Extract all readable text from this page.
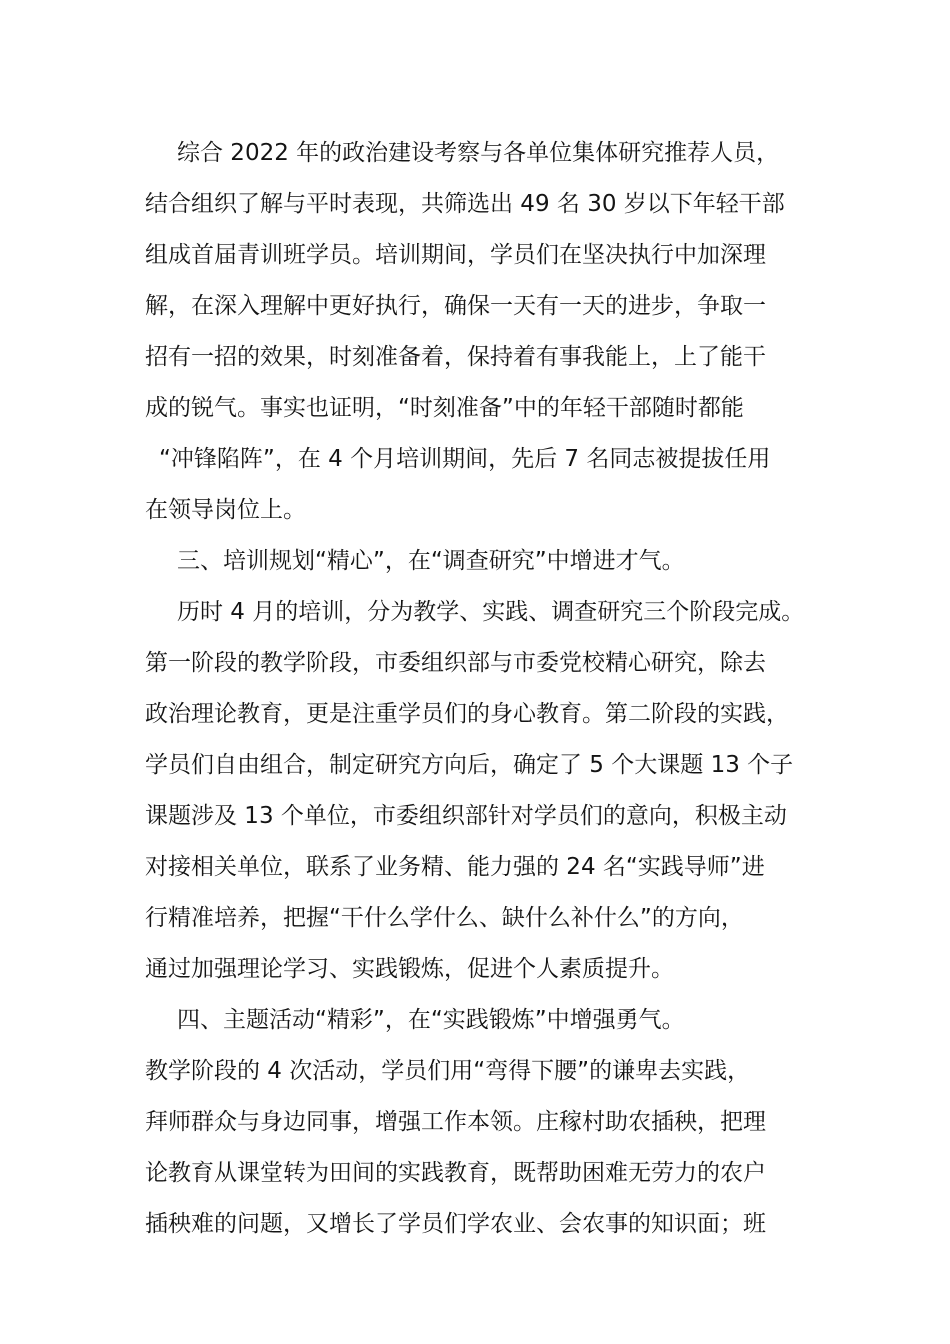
综合 2022 年的政治建设考察与各单位集体研究推荐人员，
结合组织了解与平时表现，共筛选出 49 名 30 岁以下年轻干部
组成首届青训班学员。培训期间，学员们在坚决执行中加深理
解，在深入理解中更好执行，确保一天有一天的进步，争取一
招有一招的效果，时刻准备着，保持着有事我能上，上了能干
成的锐气。事实也证明，“时刻准备”中的年轻干部随时都能
“冲锋陷阵”，在 4 个月培训期间，先后 7 名同志被提拔任用
在领导岗位上。
三、培训规划“精心”，在“调查研究”中增进才气。
历时 4 月的培训，分为教学、实践、调查研究三个阶段完成。
第一阶段的教学阶段，市委组织部与市委党校精心研究，除去
政治理论教育，更是注重学员们的身心教育。第二阶段的实践，
学员们自由组合，制定研究方向后，确定了 5 个大课题 13 个子
课题涉及 13 个单位，市委组织部针对学员们的意向，积极主动
对接相关单位，联系了业务精、能力强的 24 名“实践导师”进
行精准培养，把握“干什么学什么、缺什么补什么”的方向，
通过加强理论学习、实践锻炼，促进个人素质提升。
四、主题活动“精彩”，在“实践锻炼”中增强勇气。
教学阶段的 4 次活动，学员们用“弯得下腰”的谦卑去实践，
拜师群众与身边同事，增强工作本领。庄稼村助农插秧，把理
论教育从课堂转为田间的实践教育，既帮助困难无劳力的农户
插秧难的问题，又增长了学员们学农业、会农事的知识面；班
